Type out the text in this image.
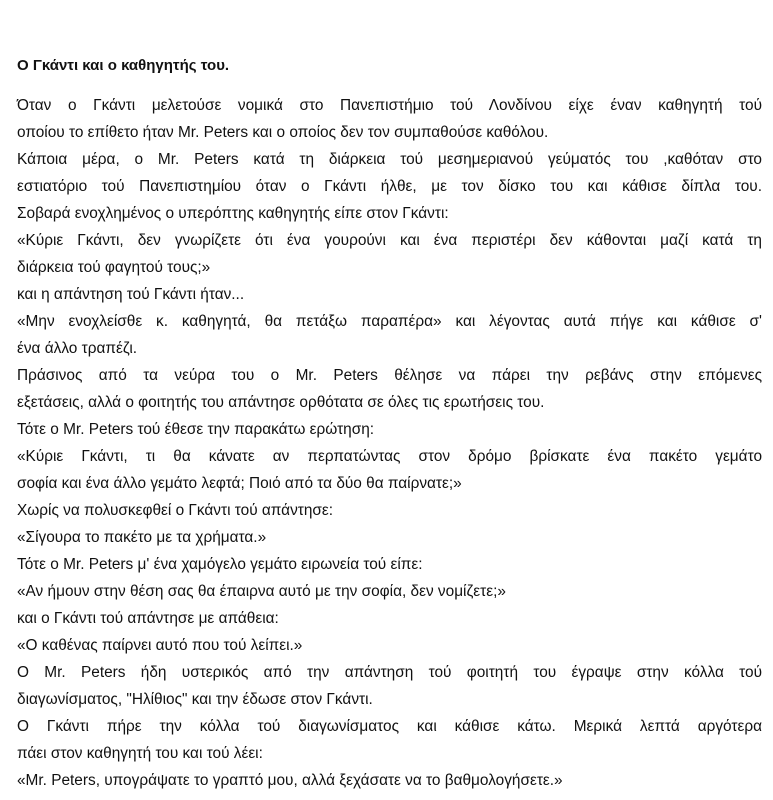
Ο Γκάντι και ο καθηγητής του.
Όταν ο Γκάντι μελετούσε νομικά στο Πανεπιστήμιο τού Λονδίνου είχε έναν καθηγητή τού
οποίου το επίθετο ήταν Mr. Peters και ο οποίος δεν τον συμπαθούσε καθόλου.
Κάποια μέρα, ο Mr. Peters κατά τη διάρκεια τού μεσημεριανού γεύματός του ,καθόταν στο
εστιατόριο τού Πανεπιστημίου όταν ο Γκάντι ήλθε, με τον δίσκο του και κάθισε δίπλα του.
Σοβαρά ενοχλημένος ο υπερόπτης καθηγητής είπε στον Γκάντι:
«Κύριε Γκάντι, δεν γνωρίζετε ότι ένα γουρούνι και ένα περιστέρι δεν κάθονται μαζί κατά τη
διάρκεια τού φαγητού τους;»
και η απάντηση τού Γκάντι ήταν...
«Μην ενοχλείσθε κ. καθηγητά, θα πετάξω παραπέρα» και λέγοντας αυτά πήγε και κάθισε σ'
ένα άλλο τραπέζι.
Πράσινος από τα νεύρα του ο Mr. Peters θέλησε να πάρει την ρεβάνς στην επόμενες
εξετάσεις, αλλά ο φοιτητής του απάντησε ορθότατα σε όλες τις ερωτήσεις του.
Τότε ο Mr. Peters τού έθεσε την παρακάτω ερώτηση:
«Κύριε Γκάντι, τι θα κάνατε αν περπατώντας στον δρόμο βρίσκατε ένα πακέτο γεμάτο
σοφία και ένα άλλο γεμάτο λεφτά; Ποιό από τα δύο θα παίρνατε;»
Χωρίς να πολυσκεφθεί ο Γκάντι τού απάντησε:
«Σίγουρα το πακέτο με τα χρήματα.»
Τότε ο Mr. Peters μ' ένα χαμόγελο γεμάτο ειρωνεία τού είπε:
«Αν ήμουν στην θέση σας θα έπαιρνα αυτό με την σοφία, δεν νομίζετε;»
και ο Γκάντι τού απάντησε με απάθεια:
«Ο καθένας παίρνει αυτό που τού λείπει.»
Ο Mr. Peters ήδη υστερικός από την απάντηση τού φοιτητή του έγραψε στην κόλλα τού
διαγωνίσματος, "Ηλίθιος" και την έδωσε στον Γκάντι.
Ο Γκάντι πήρε την κόλλα τού διαγωνίσματος και κάθισε κάτω. Μερικά λεπτά αργότερα
πάει στον καθηγητή του και τού λέει:
«Mr. Peters, υπογράψατε το γραπτό μου, αλλά ξεχάσατε να το βαθμολογήσετε.»
